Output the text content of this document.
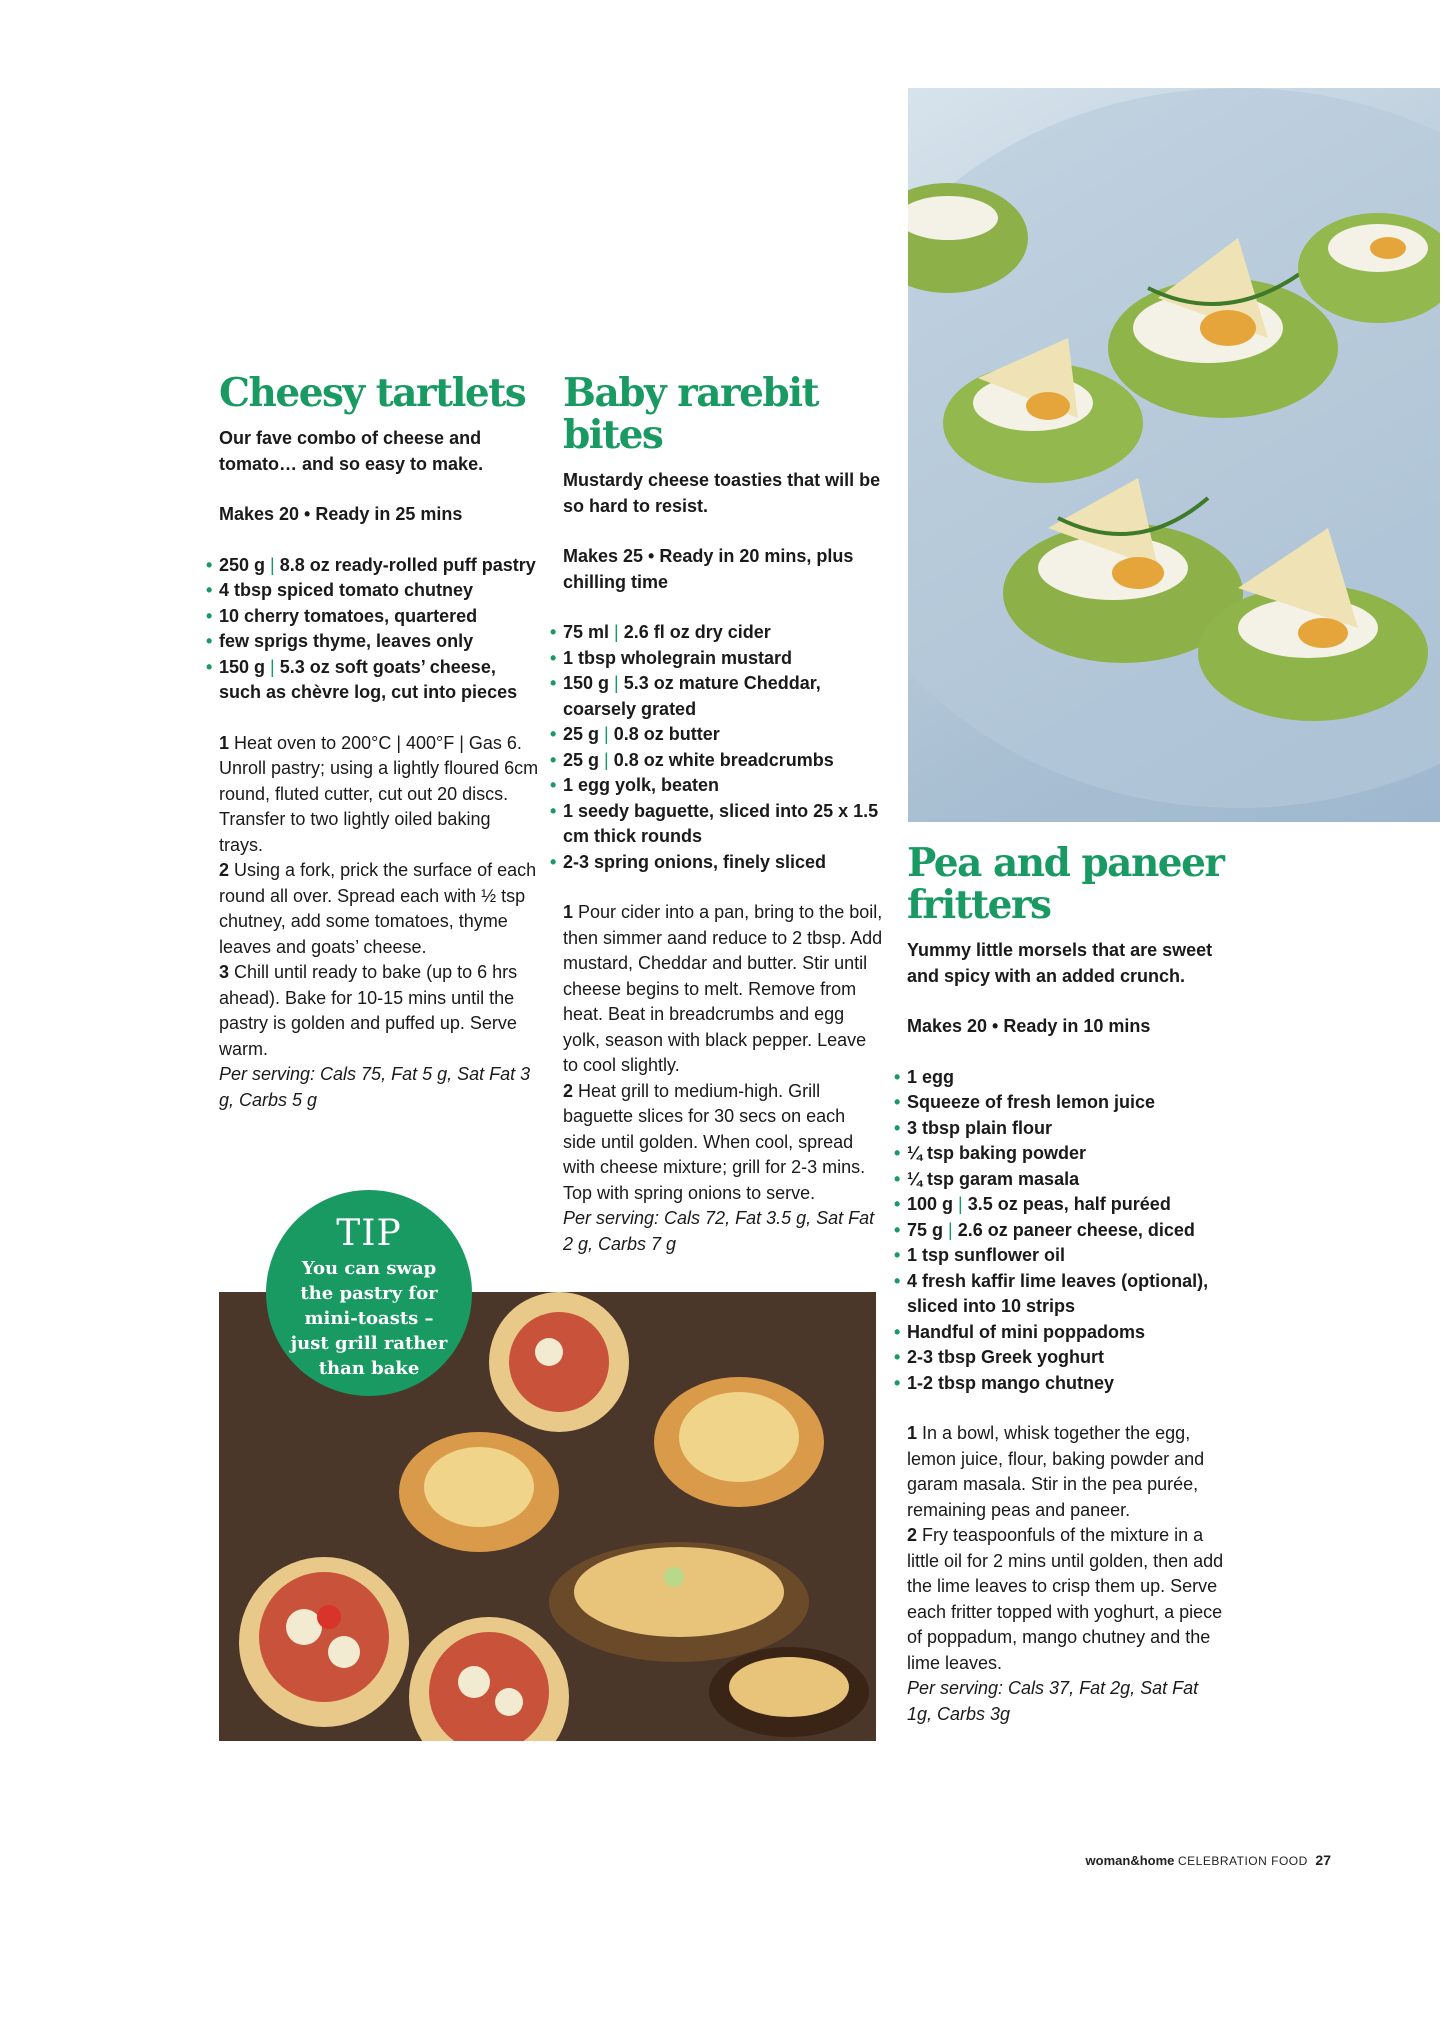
Cheesy tartlets

Our fave combo of cheese and tomato… and so easy to make.

Makes 20 • Ready in 25 mins

• 250 g | 8.8 oz ready-rolled puff pastry
• 4 tbsp spiced tomato chutney
• 10 cherry tomatoes, quartered
• few sprigs thyme, leaves only
• 150 g | 5.3 oz soft goats’ cheese, such as chèvre log, cut into pieces

1 Heat oven to 200°C | 400°F | Gas 6. Unroll pastry; using a lightly floured 6cm round, fluted cutter, cut out 20 discs. Transfer to two lightly oiled baking trays.

2 Using a fork, prick the surface of each round all over. Spread each with ½ tsp chutney, add some tomatoes, thyme leaves and goats’ cheese.

3 Chill until ready to bake (up to 6 hrs ahead). Bake for 10-15 mins until the pastry is golden and puffed up. Serve warm.

Per serving: Cals 75, Fat 5 g, Sat Fat 3 g, Carbs 5 g

Baby rarebit bites

Mustardy cheese toasties that will be so hard to resist.

Makes 25 • Ready in 20 mins, plus chilling time

• 75 ml | 2.6 fl oz dry cider
• 1 tbsp wholegrain mustard
• 150 g | 5.3 oz mature Cheddar, coarsely grated
• 25 g | 0.8 oz butter
• 25 g | 0.8 oz white breadcrumbs
• 1 egg yolk, beaten
• 1 seedy baguette, sliced into 25 x 1.5 cm thick rounds
• 2-3 spring onions, finely sliced

1 Pour cider into a pan, bring to the boil, then simmer aand reduce to 2 tbsp. Add mustard, Cheddar and butter. Stir until cheese begins to melt. Remove from heat. Beat in breadcrumbs and egg yolk, season with black pepper. Leave to cool slightly.

2 Heat grill to medium-high. Grill baguette slices for 30 secs on each side until golden. When cool, spread with cheese mixture; grill for 2-3 mins. Top with spring onions to serve.

Per serving: Cals 72, Fat 3.5 g, Sat Fat 2 g, Carbs 7 g

Pea and paneer fritters

Yummy little morsels that are sweet and spicy with an added crunch.

Makes 20 • Ready in 10 mins

• 1 egg
• Squeeze of fresh lemon juice
• 3 tbsp plain flour
• ¼ tsp baking powder
• ¼ tsp garam masala
• 100 g | 3.5 oz peas, half puréed
• 75 g | 2.6 oz paneer cheese, diced
• 1 tsp sunflower oil
• 4 fresh kaffir lime leaves (optional), sliced into 10 strips
• Handful of mini poppadoms
• 2-3 tbsp Greek yoghurt
• 1-2 tbsp mango chutney

1 In a bowl, whisk together the egg, lemon juice, flour, baking powder and garam masala. Stir in the pea purée, remaining peas and paneer.

2 Fry teaspoonfuls of the mixture in a little oil for 2 mins until golden, then add the lime leaves to crisp them up. Serve each fritter topped with yoghurt, a piece of poppadum, mango chutney and the lime leaves.

Per serving: Cals 37, Fat 2g, Sat Fat 1g, Carbs 3g

TIP
You can swap the pastry for mini-toasts – just grill rather than bake
woman&home CELEBRATION FOOD 27
